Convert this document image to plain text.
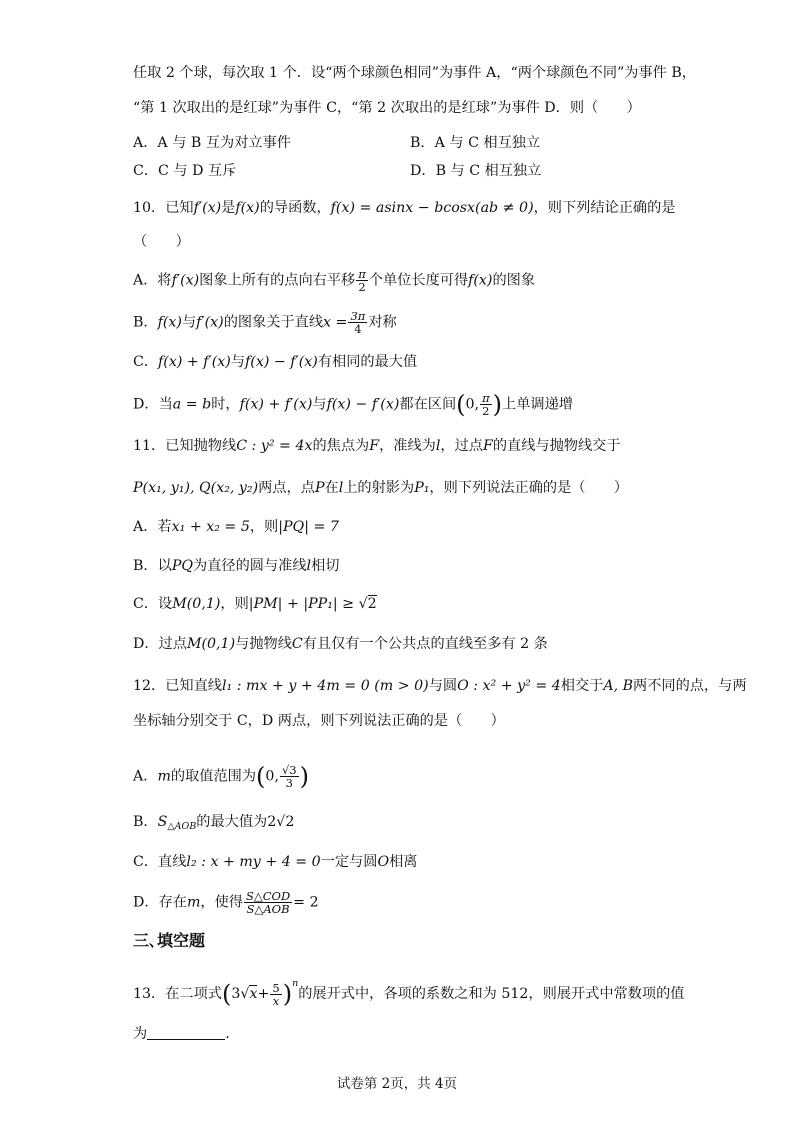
任取 2 个球，每次取 1 个．设“两个球颜色相同”为事件 A，“两个球颜色不同”为事件 B，
“第 1 次取出的是红球”为事件 C，“第 2 次取出的是红球”为事件 D．则（　　）
A．A 与 B 互为对立事件	B．A 与 C 相互独立
C．C 与 D 互斥	D．B 与 C 相互独立
10．已知f′(x)是f(x)的导函数，f(x) = asinx − bcosx(ab ≠ 0)，则下列结论正确的是
（　　）
A．将f′(x)图象上所有的点向右平移 $\frac{\pi}{2}$ 个单位长度可得f(x)的图象
B．f(x)与f′(x)的图象关于直线$x = \frac{3\pi}{4}$ 对称
C．f(x) + f′(x)与f(x) − f′(x)有相同的最大值
D．当a = b时，f(x) + f′(x)与f(x) − f′(x)都在区间(0, $\frac{\pi}{2}$ )上单调递增
11．已知抛物线C : y² = 4x的焦点为F，准线为l，过点F的直线与抛物线交于
P(x₁, y₁), Q(x₂, y₂)两点，点P在l上的射影为P₁，则下列说法正确的是（　　）
A．若x₁ + x₂ = 5，则|PQ| = 7
B．以PQ为直径的圆与准线l相切
C．设M(0,1)，则|PM| + |PP₁| ≥ √2
D．过点M(0,1)与抛物线C有且仅有一个公共点的直线至多有 2 条
12．已知直线l₁ : mx + y + 4m = 0 (m > 0)与圆O : x² + y² = 4相交于A, B两不同的点，与两
坐标轴分别交于 C，D 两点，则下列说法正确的是（　　）
A．m的取值范围为(0, $\frac{√3}{3}$ )
B．$S_{\triangle AOB}$的最大值为2√2
C．直线l₂ : x + my + 4 = 0一定与圆O相离
D．存在m，使得 $\frac{\text{S△COD}}{\text{S△AOB}} = 2$
三､填空题
13．在二项式$(3√x+ \frac{5}{x} )^n$的展开式中，各项的系数之和为 512，则展开式中常数项的值
为	.
试卷第 2页，共 4页
